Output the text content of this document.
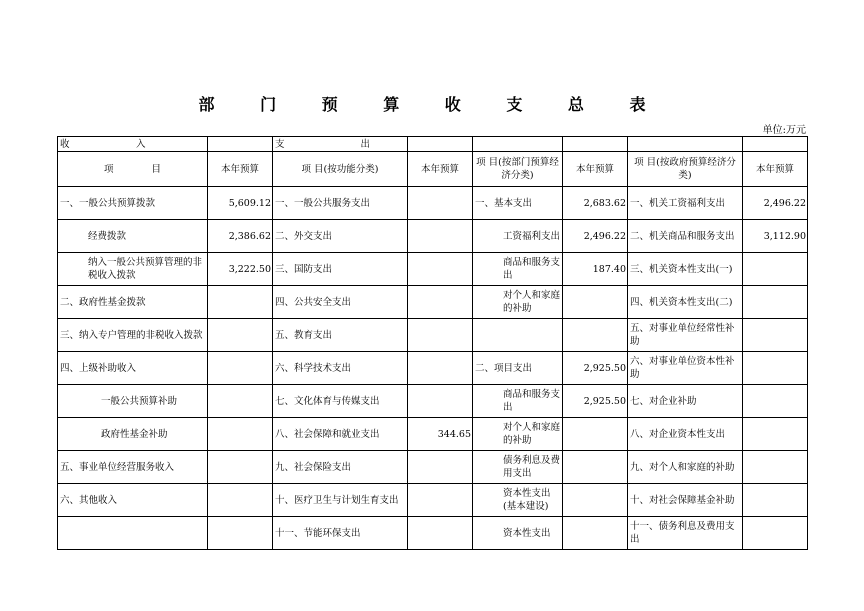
部 门 预 算 收 支 总 表
单位:万元
收　　　　　　　入		支　　　　　　　　出					
项　　　　目	本年预算	项 目(按功能分类)	本年预算	项 目(按部门预算经济分类)	本年预算	项 目(按政府预算经济分类)	本年预算
一、一般公共预算拨款	5,609.12	一、一般公共服务支出		一、基本支出	2,683.62	一、机关工资福利支出	2,496.22
经费拨款	2,386.62	二、外交支出		工资福利支出	2,496.22	二、机关商品和服务支出	3,112.90
纳入一般公共预算管理的非税收入拨款	3,222.50	三、国防支出		商品和服务支出	187.40	三、机关资本性支出(一)	
二、政府性基金拨款		四、公共安全支出		对个人和家庭的补助		四、机关资本性支出(二)	
三、纳入专户管理的非税收入拨款		五、教育支出				五、对事业单位经常性补助	
四、上级补助收入		六、科学技术支出		二、项目支出	2,925.50	六、对事业单位资本性补助	
一般公共预算补助		七、文化体育与传媒支出		商品和服务支出	2,925.50	七、对企业补助	
政府性基金补助		八、社会保障和就业支出	344.65	对个人和家庭的补助		八、对企业资本性支出	
五、事业单位经营服务收入		九、社会保险支出		债务利息及费用支出		九、对个人和家庭的补助	
六、其他收入		十、医疗卫生与计划生育支出		资本性支出(基本建设)		十、对社会保障基金补助	
		十一、节能环保支出		资本性支出		十一、债务利息及费用支出	
